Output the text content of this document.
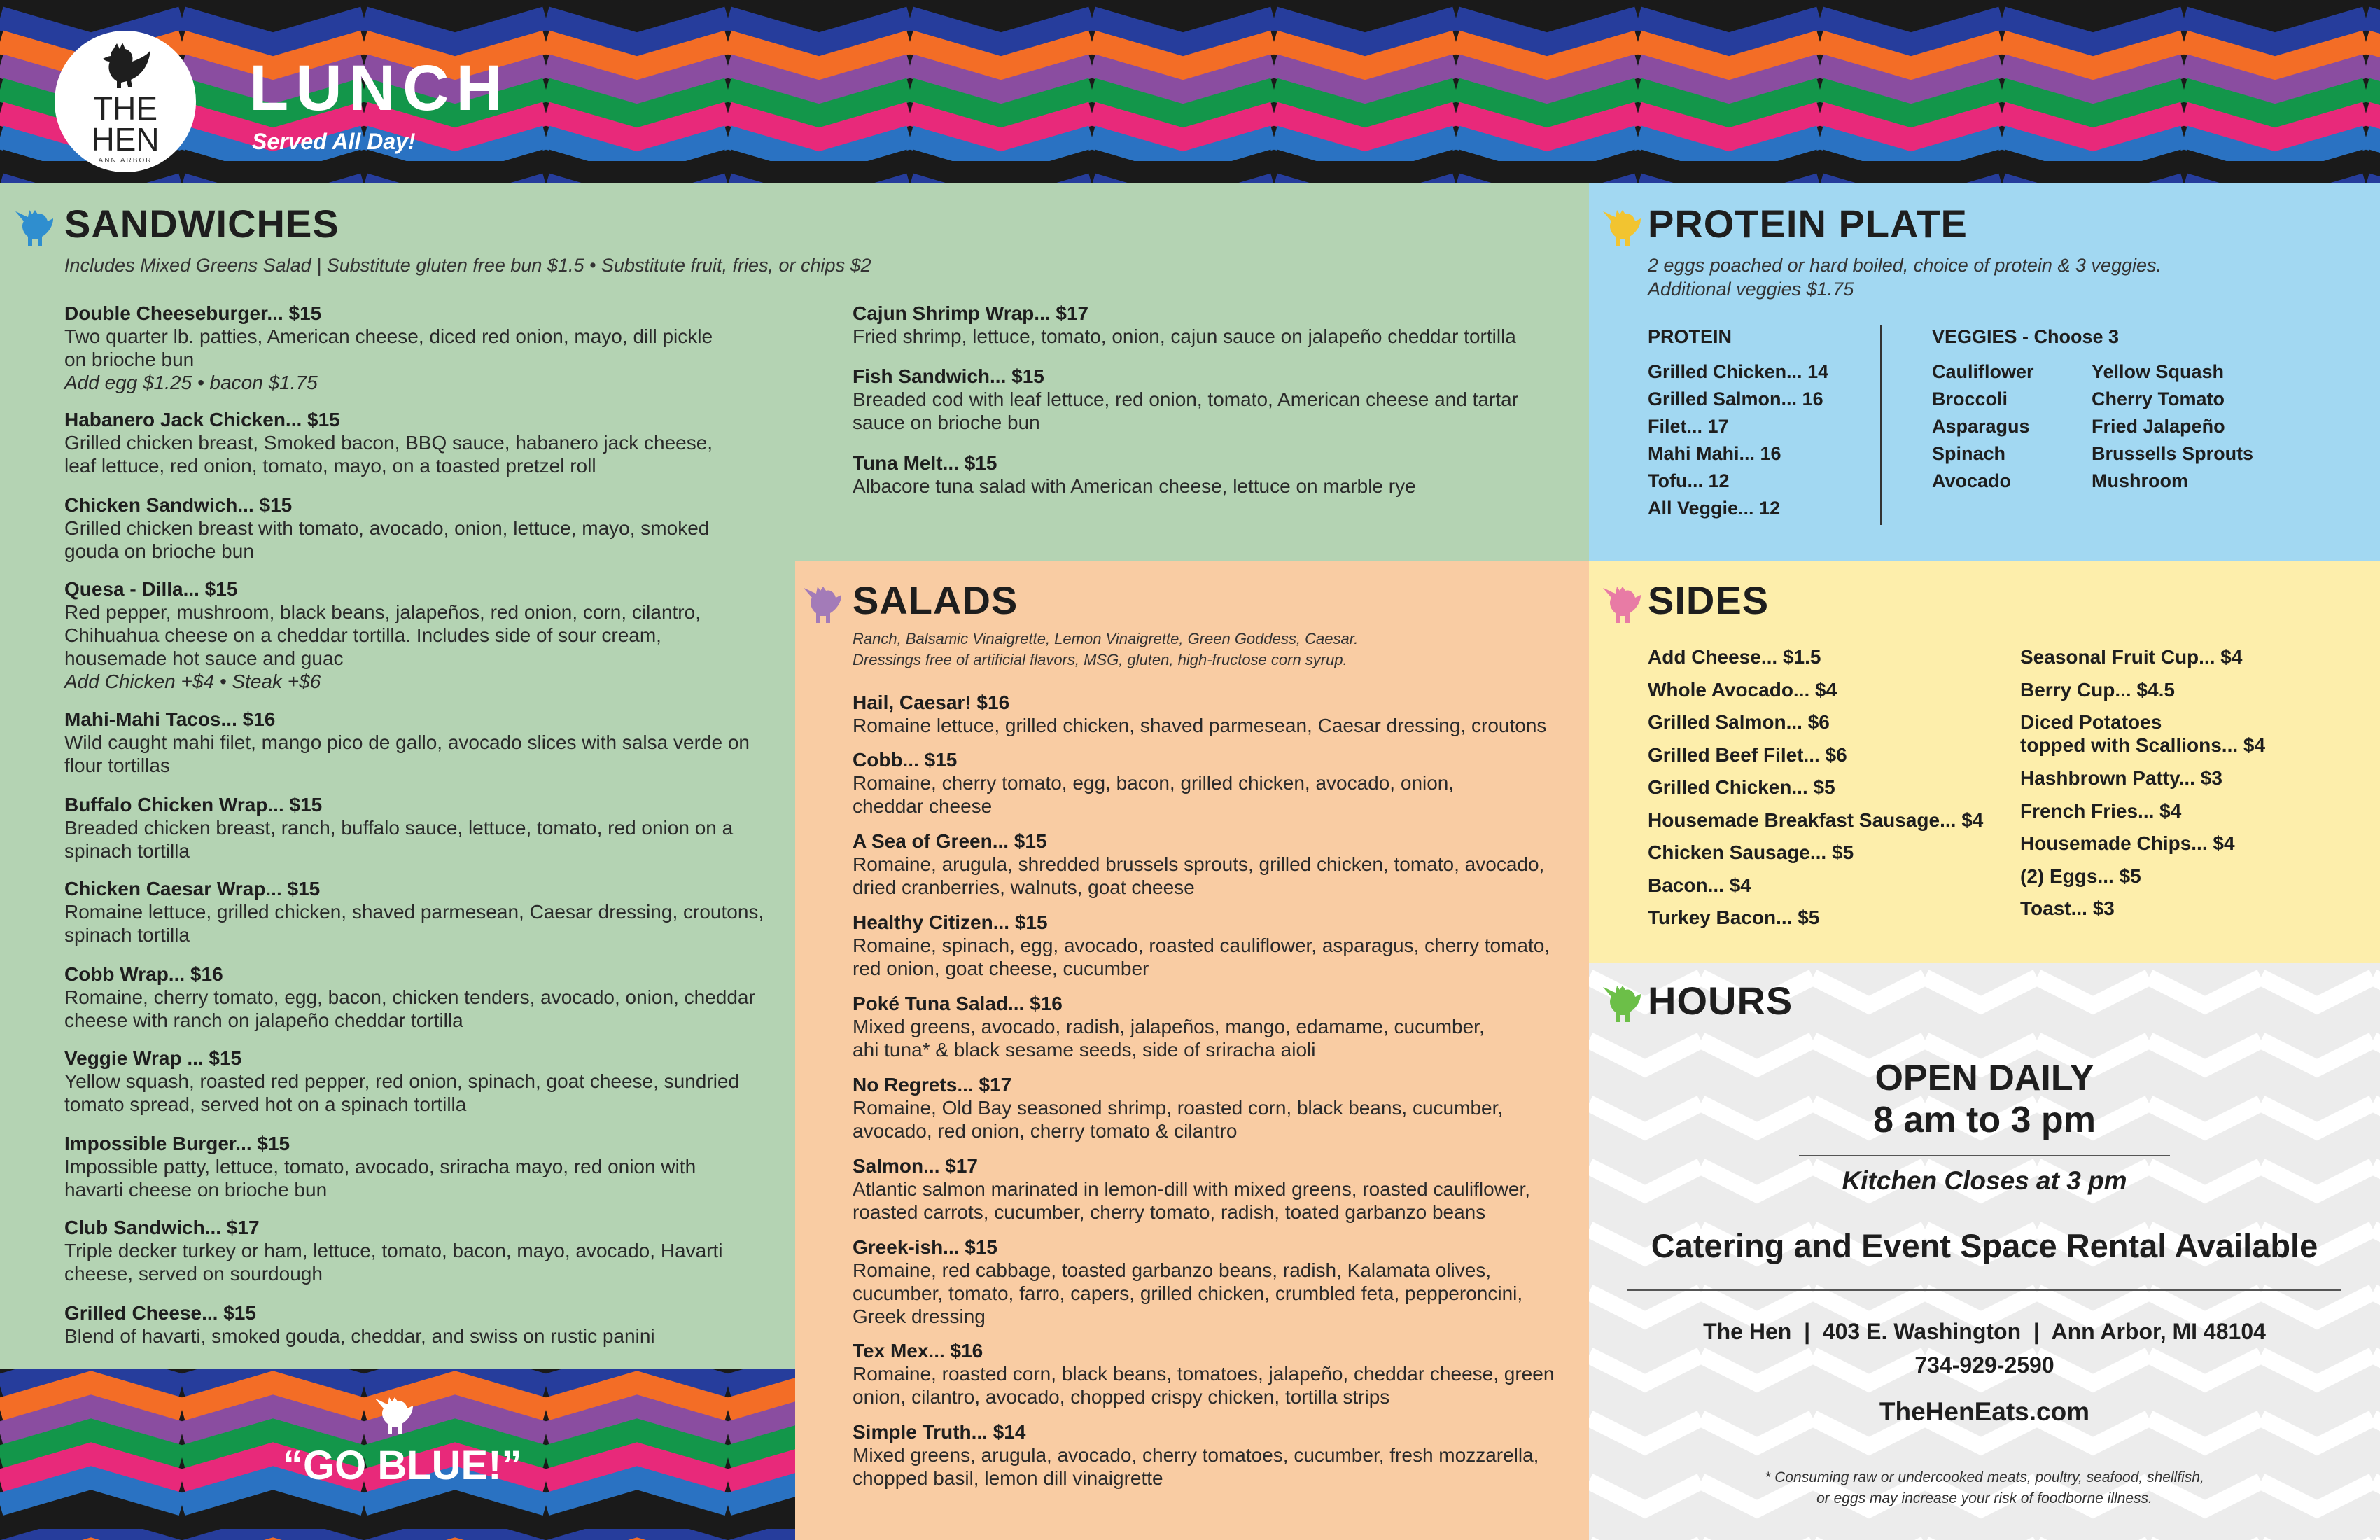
THE
HEN
ANN ARBOR
LUNCH
Served All Day!
SANDWICHES
Includes Mixed Greens Salad | Substitute gluten free bun $1.5 • Substitute fruit, fries, or chips $2
Double Cheeseburger... $15
Two quarter lb. patties, American cheese, diced red onion, mayo, dill pickle
on brioche bun
Add egg $1.25 • bacon $1.75
Habanero Jack Chicken... $15
Grilled chicken breast, Smoked bacon, BBQ sauce, habanero jack cheese,
leaf lettuce, red onion, tomato, mayo, on a toasted pretzel roll
Chicken Sandwich... $15
Grilled chicken breast with tomato, avocado, onion, lettuce, mayo, smoked
gouda on brioche bun
Quesa - Dilla... $15
Red pepper, mushroom, black beans, jalapeños, red onion, corn, cilantro,
Chihuahua cheese on a cheddar tortilla. Includes side of sour cream,
housemade hot sauce and guac
Add Chicken +$4 • Steak +$6
Mahi-Mahi Tacos... $16
Wild caught mahi filet, mango pico de gallo, avocado slices with salsa verde on
flour tortillas
Buffalo Chicken Wrap... $15
Breaded chicken breast, ranch, buffalo sauce, lettuce, tomato, red onion on a
spinach tortilla
Chicken Caesar Wrap... $15
Romaine lettuce, grilled chicken, shaved parmesean, Caesar dressing, croutons,
spinach tortilla
Cobb Wrap... $16
Romaine, cherry tomato, egg, bacon, chicken tenders, avocado, onion, cheddar
cheese with ranch on jalapeño cheddar tortilla
Veggie Wrap ... $15
Yellow squash, roasted red pepper, red onion, spinach, goat cheese, sundried
tomato spread, served hot on a spinach tortilla
Impossible Burger... $15
Impossible patty, lettuce, tomato, avocado, sriracha mayo, red onion with
havarti cheese on brioche bun
Club Sandwich... $17
Triple decker turkey or ham, lettuce, tomato, bacon, mayo, avocado, Havarti
cheese, served on sourdough
Grilled Cheese... $15
Blend of havarti, smoked gouda, cheddar, and swiss on rustic panini
Cajun Shrimp Wrap... $17
Fried shrimp, lettuce, tomato, onion, cajun sauce on jalapeño cheddar tortilla
Fish Sandwich... $15
Breaded cod with leaf lettuce, red onion, tomato, American cheese and tartar
sauce on brioche bun
Tuna Melt... $15
Albacore tuna salad with American cheese, lettuce on marble rye
PROTEIN PLATE
2 eggs poached or hard boiled, choice of protein & 3 veggies.
Additional veggies $1.75
PROTEIN	VEGGIES - Choose 3
Grilled Chicken... 14
Grilled Salmon... 16
Filet... 17
Mahi Mahi... 16
Tofu... 12
All Veggie... 12
Cauliflower
Broccoli
Asparagus
Spinach
Avocado
Yellow Squash
Cherry Tomato
Fried Jalapeño
Brussells Sprouts
Mushroom
SALADS
Ranch, Balsamic Vinaigrette, Lemon Vinaigrette, Green Goddess, Caesar.
Dressings free of artificial flavors, MSG, gluten, high-fructose corn syrup.
Hail, Caesar! $16
Romaine lettuce, grilled chicken, shaved parmesean, Caesar dressing, croutons
Cobb... $15
Romaine, cherry tomato, egg, bacon, grilled chicken, avocado, onion,
cheddar cheese
A Sea of Green... $15
Romaine, arugula, shredded brussels sprouts, grilled chicken, tomato, avocado,
dried cranberries, walnuts, goat cheese
Healthy Citizen... $15
Romaine, spinach, egg, avocado, roasted cauliflower, asparagus, cherry tomato,
red onion, goat cheese, cucumber
Poké Tuna Salad... $16
Mixed greens, avocado, radish, jalapeños, mango, edamame, cucumber,
ahi tuna* & black sesame seeds, side of sriracha aioli
No Regrets... $17
Romaine, Old Bay seasoned shrimp, roasted corn, black beans, cucumber,
avocado, red onion, cherry tomato & cilantro
Salmon... $17
Atlantic salmon marinated in lemon-dill with mixed greens, roasted cauliflower,
roasted carrots, cucumber, cherry tomato, radish, toated garbanzo beans
Greek-ish... $15
Romaine, red cabbage, toasted garbanzo beans, radish, Kalamata olives,
cucumber, tomato, farro, capers, grilled chicken, crumbled feta, pepperoncini,
Greek dressing
Tex Mex... $16
Romaine, roasted corn, black beans, tomatoes, jalapeño, cheddar cheese, green
onion, cilantro, avocado, chopped crispy chicken, tortilla strips
Simple Truth... $14
Mixed greens, arugula, avocado, cherry tomatoes, cucumber, fresh mozzarella,
chopped basil, lemon dill vinaigrette
SIDES
Add Cheese... $1.5
Whole Avocado... $4
Grilled Salmon... $6
Grilled Beef Filet... $6
Grilled Chicken... $5
Housemade Breakfast Sausage... $4
Chicken Sausage... $5
Bacon... $4
Turkey Bacon... $5
Seasonal Fruit Cup... $4
Berry Cup... $4.5
Diced Potatoes
topped with Scallions... $4
Hashbrown Patty... $3
French Fries... $4
Housemade Chips... $4
(2) Eggs... $5
Toast... $3
HOURS
OPEN DAILY
8 am to 3 pm
Kitchen Closes at 3 pm
Catering and Event Space Rental Available
The Hen  |  403 E. Washington  |  Ann Arbor, MI 48104
734-929-2590
TheHenEats.com
* Consuming raw or undercooked meats, poultry, seafood, shellfish,
or eggs may increase your risk of foodborne illness.
“GO BLUE!”
